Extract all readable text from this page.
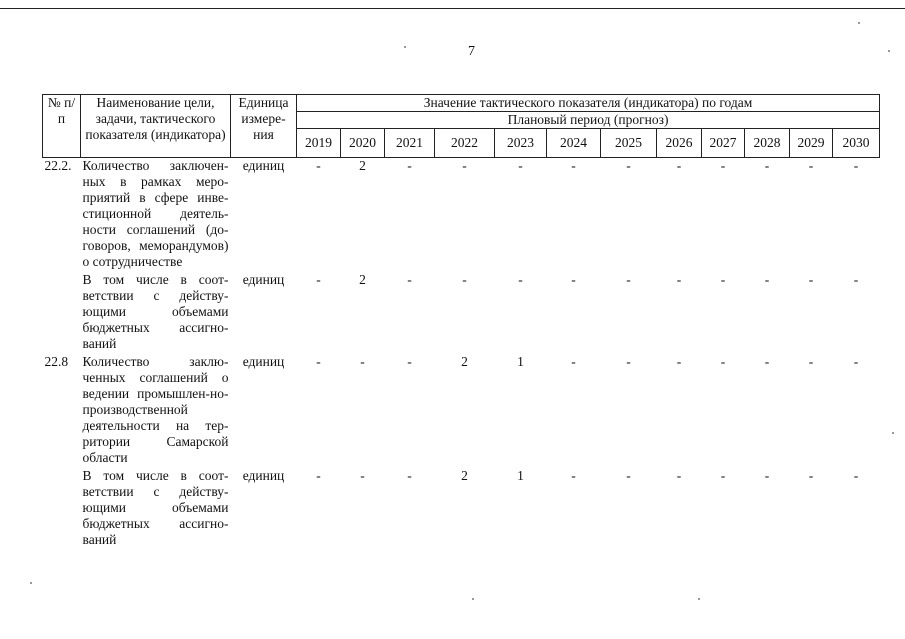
7
№ п/п	Наименование цели, задачи, тактического показателя (индикатора)	Единица измере-ния	Значение тактического показателя (индикатора) по годам											
			Плановый период (прогноз)											
			2019	2020	2021	2022	2023	2024	2025	2026	2027	2028	2029	2030
22.2.	Количество заключен-ных в рамках меро-приятий в сфере инве-стиционной деятель-ности соглашений (до-говоров, меморандумов) о сотрудничестве	единиц	-	2	-	-	-	-	-	-	-	-	-	-
	В том числе в соот-ветствии с действу-ющими объемами бюджетных ассигно-ваний	единиц	-	2	-	-	-	-	-	-	-	-	-	-
22.8	Количество заклю-ченных соглашений о ведении промышлен-но-производственной деятельности на тер-ритории Самарской области	единиц	-	-	-	2	1	-	-	-	-	-	-	-
	В том числе в соот-ветствии с действу-ющими объемами бюджетных ассигно-ваний	единиц	-	-	-	2	1	-	-	-	-	-	-	-
